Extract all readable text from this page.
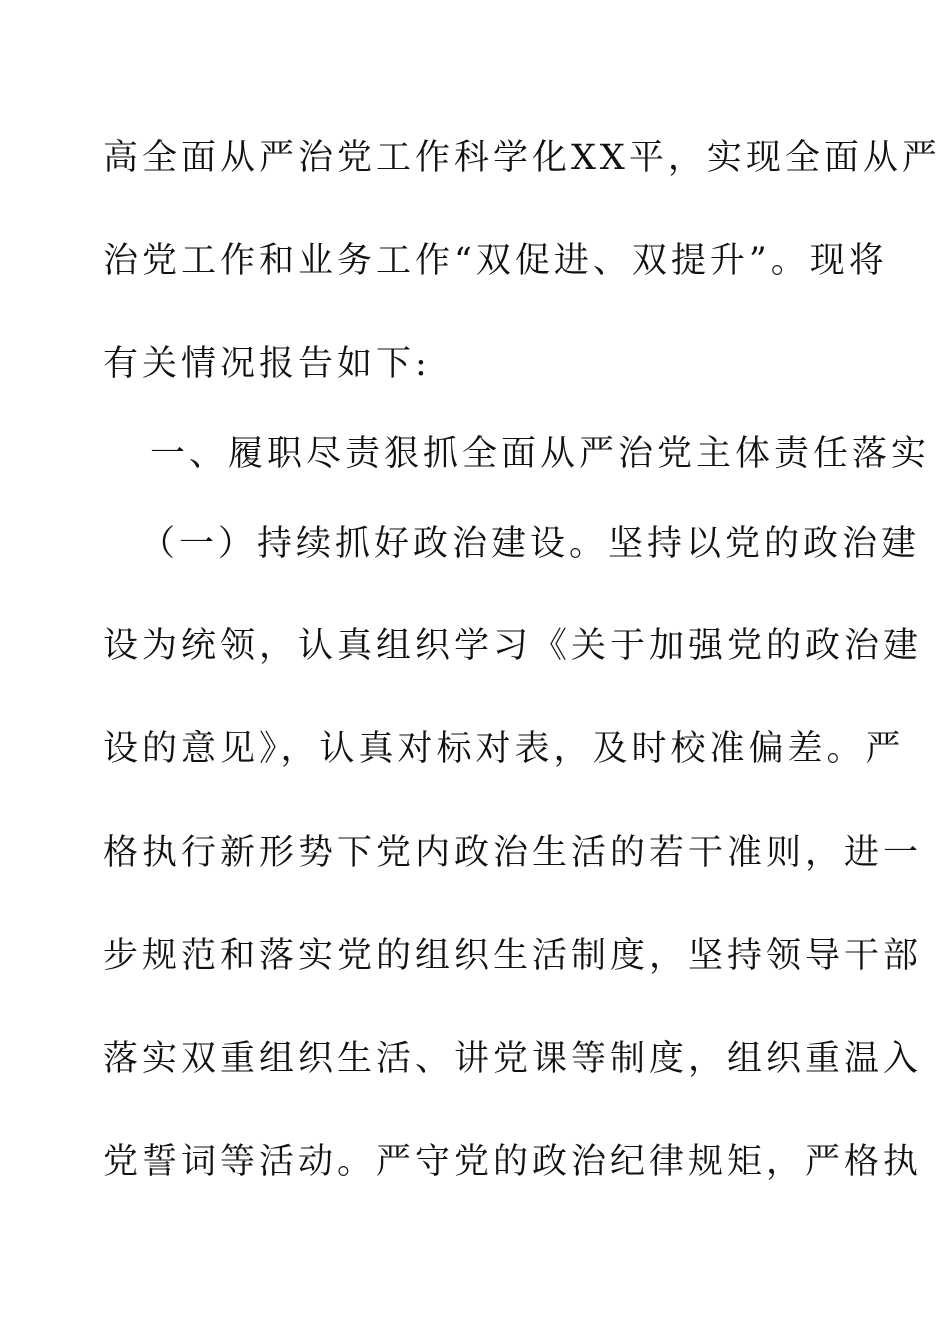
高全面从严治党工作科学化XX平，实现全面从严
治党工作和业务工作“双促进、双提升”。现将
有关情况报告如下:
一、履职尽责狠抓全面从严治党主体责任落实
（一）持续抓好政治建设。坚持以党的政治建
设为统领，认真组织学习《关于加强党的政治建
设的意见》，认真对标对表，及时校准偏差。严
格执行新形势下党内政治生活的若干准则，进一
步规范和落实党的组织生活制度，坚持领导干部
落实双重组织生活、讲党课等制度，组织重温入
党誓词等活动。严守党的政治纪律规矩，严格执
